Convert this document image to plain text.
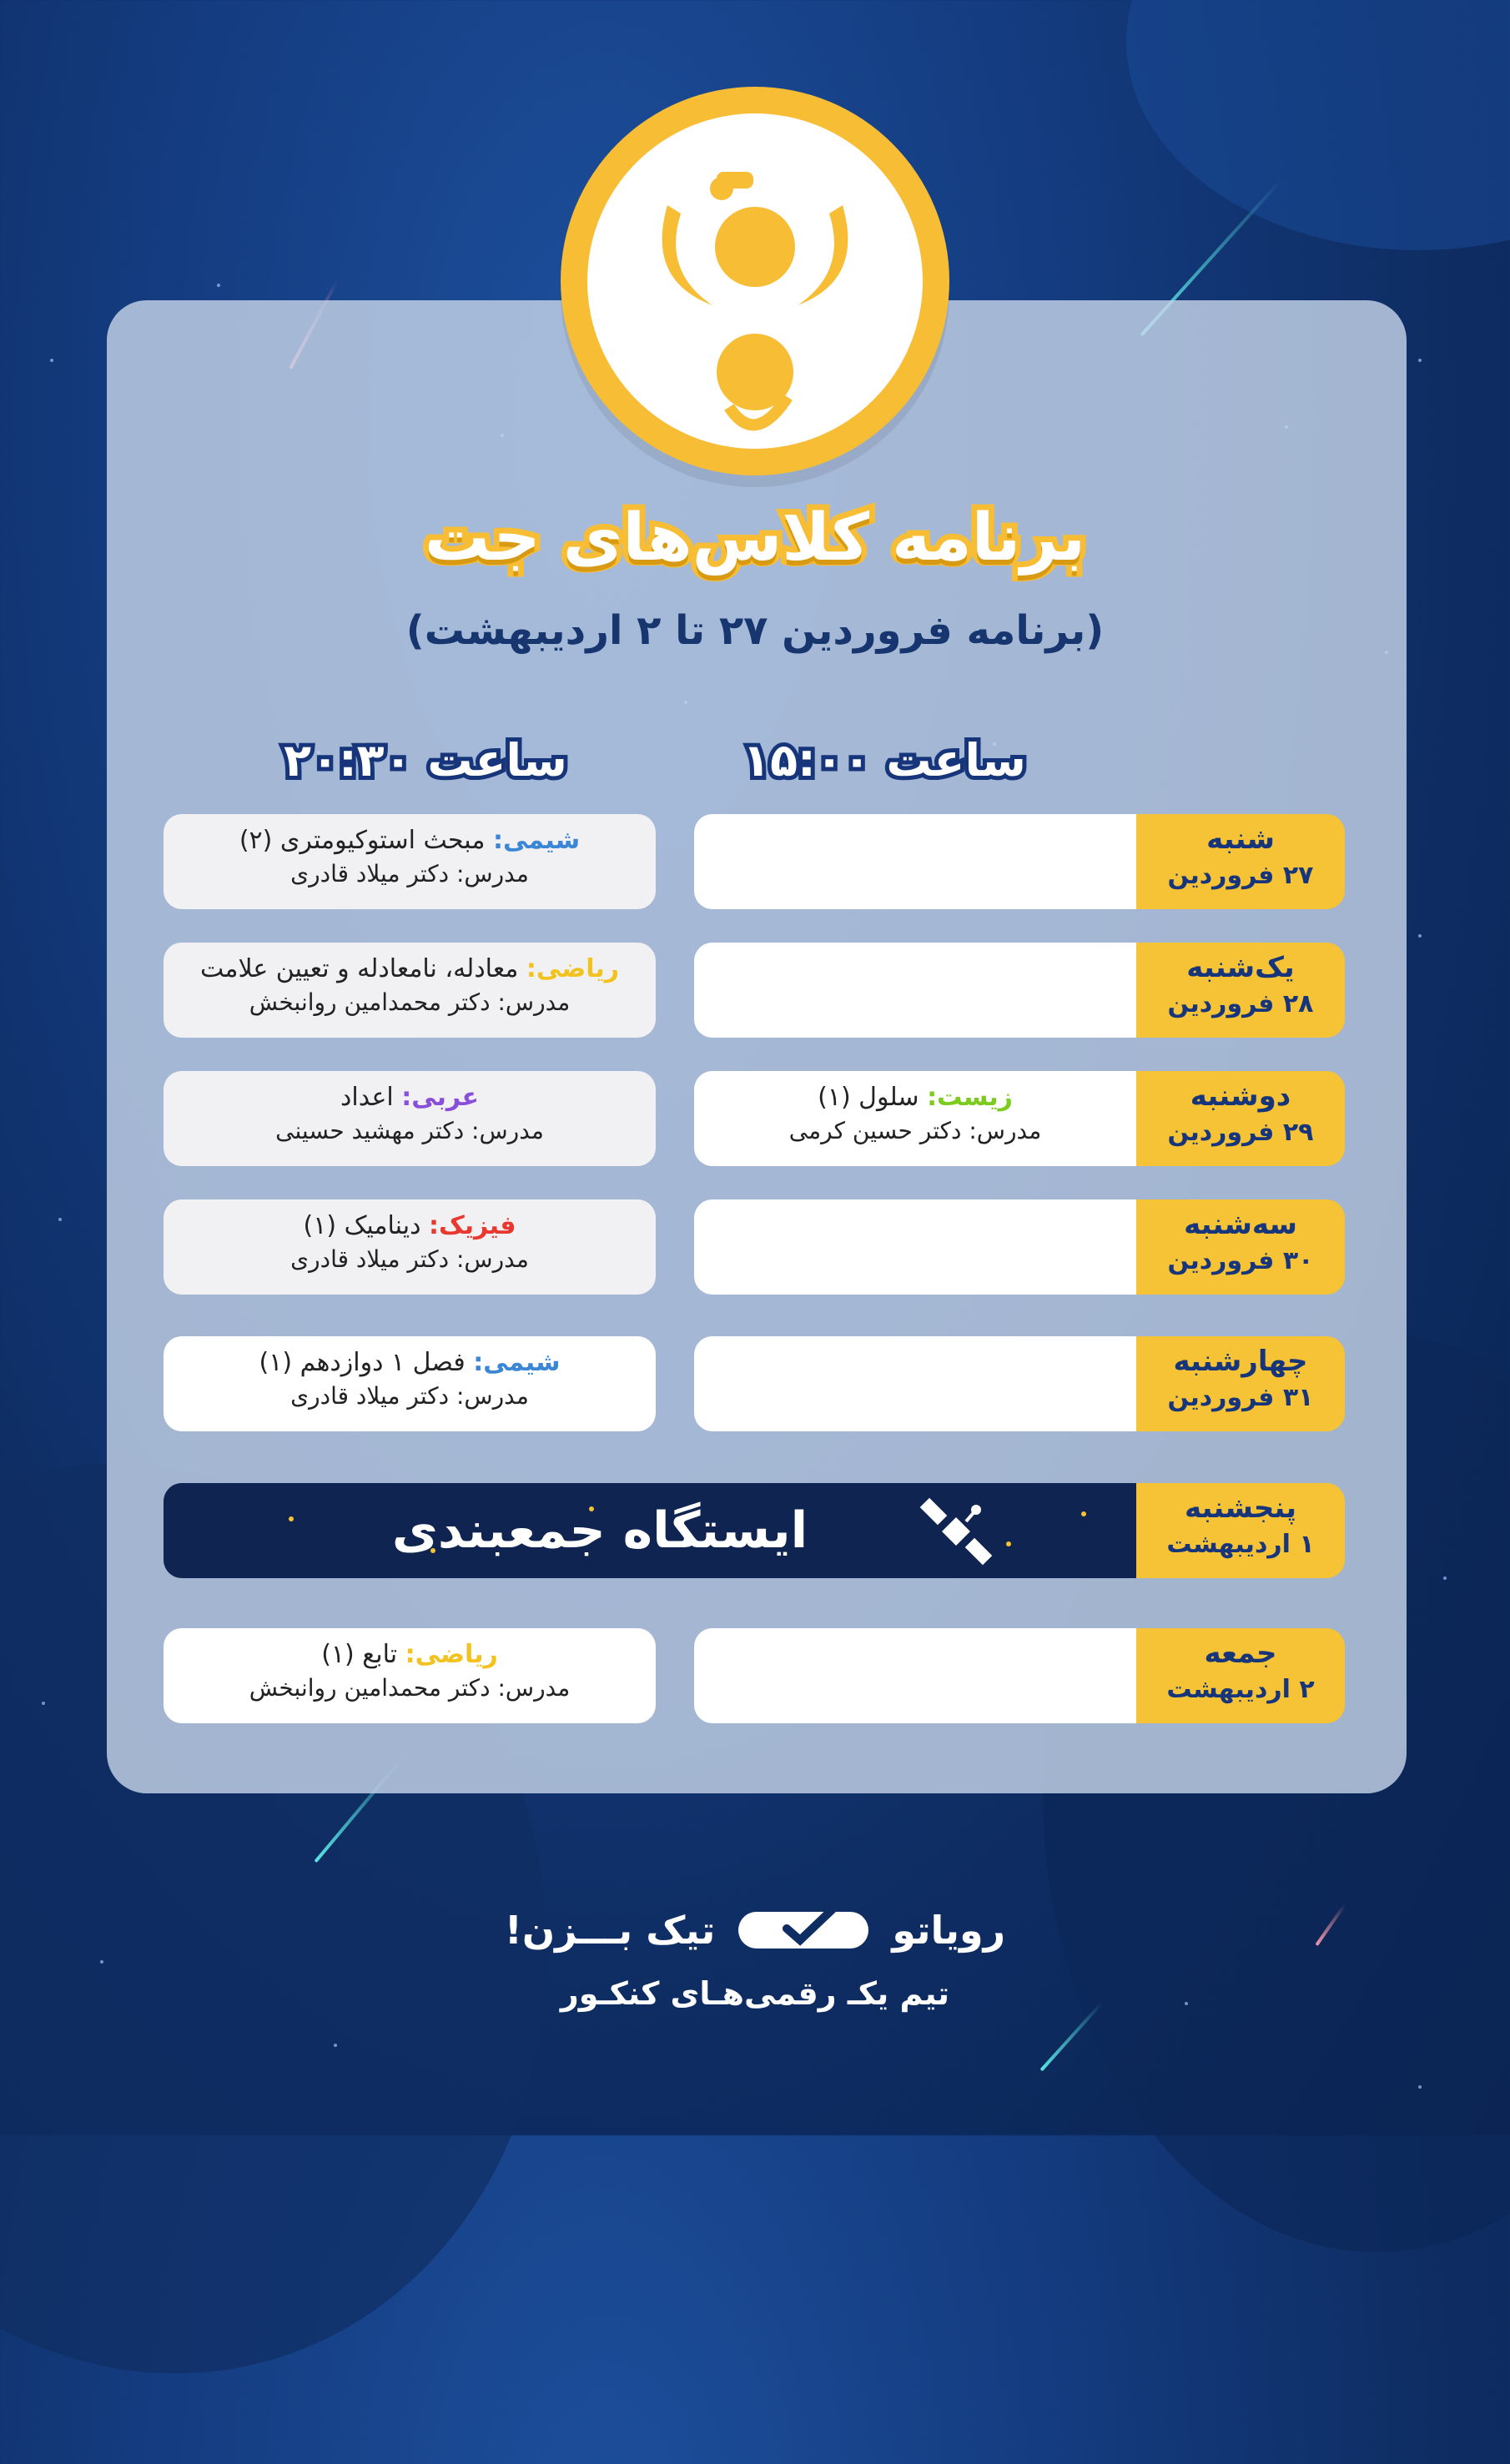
برنامه کلاس‌های جت
(برنامه فروردین ۲۷ تا ۲ اردیبهشت)
ساعت ۱۵:۰۰
ساعت ۲۰:۳۰
شنبه
۲۷ فروردین
شیمی: مبحث استوکیومتری (۲)
مدرس: دکتر میلاد قادری
یک‌شنبه
۲۸ فروردین
ریاضی: معادله، نامعادله و تعیین علامت
مدرس: دکتر محمدامین روانبخش
دوشنبه
۲۹ فروردین
زیست: سلول (۱)
مدرس: دکتر حسین کرمی
عربی: اعداد
مدرس: دکتر مهشید حسینی
سه‌شنبه
۳۰ فروردین
فیزیک: دینامیک (۱)
مدرس: دکتر میلاد قادری
چهارشنبه
۳۱ فروردین
شیمی: فصل ۱ دوازدهم (۱)
مدرس: دکتر میلاد قادری
پنجشنبه
۱ اردیبهشت
ایستگاه جمعبندی
جمعه
۲ اردیبهشت
ریاضی: تابع (۱)
مدرس: دکتر محمدامین روانبخش
رویاتو  تیک بـــزن!
تیم یکـ رقمی‌هـای کنکـور
